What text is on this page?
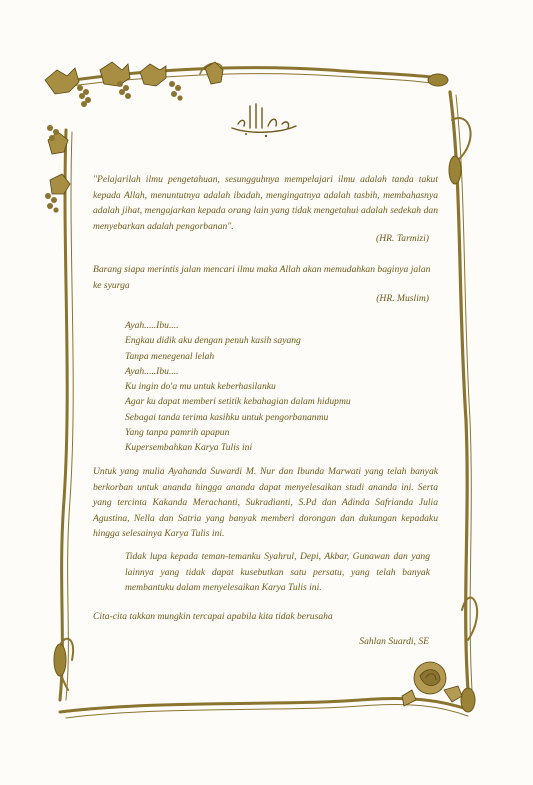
"Pelajarilah ilmu pengetahuan, sesungguhnya mempelajari ilmu adalah tanda takut kepada Allah, menuntutnya adalah ibadah, mengingatnya adalah tasbih, membahasnya adalah jihat, mengajarkan kepada orang lain yang tidak mengetahui adalah sedekah dan menyebarkan adalah pengorbanan".
(HR. Tarmizi)
Barang siapa merintis jalan mencari ilmu maka Allah akan memudahkan baginya jalan ke syurga
(HR. Muslim)
Ayah.....Ibu....
Engkau didik aku dengan penuh kasih sayang
Tanpa menegenal lelah
Ayah.....Ibu....
Ku ingin do'a mu untuk keberhasilanku
Agar ku dapat memberi setitik kebahagian dalam hidupmu
Sebagai tanda terima kasihku untuk pengorbananmu
Yang tanpa pamrih apapun
Kupersembahkan Karya Tulis ini
Untuk yang mulia Ayahanda Suwardi M. Nur dan Ibunda Marwati yang telah banyak berkorban untuk ananda hingga ananda dapat menyelesaikan studi ananda ini. Serta yang tercinta Kakanda Merachanti, Sukradianti, S.Pd dan Adinda Safrianda Julia Agustina, Nella dan Satria yang banyak memberi dorongan dan dukungan kepadaku hingga selesainya Karya Tulis ini.
Tidak lupa kepada teman-temanku Syahrul, Depi, Akbar, Gunawan dan yang lainnya yang tidak dapat kusebutkan satu persatu, yang telah banyak membantuku dalam menyelesaikan Karya Tulis ini.
Cita-cita takkan mungkin tercapai apabila kita tidak berusaha
Sahlan Suardi, SE
